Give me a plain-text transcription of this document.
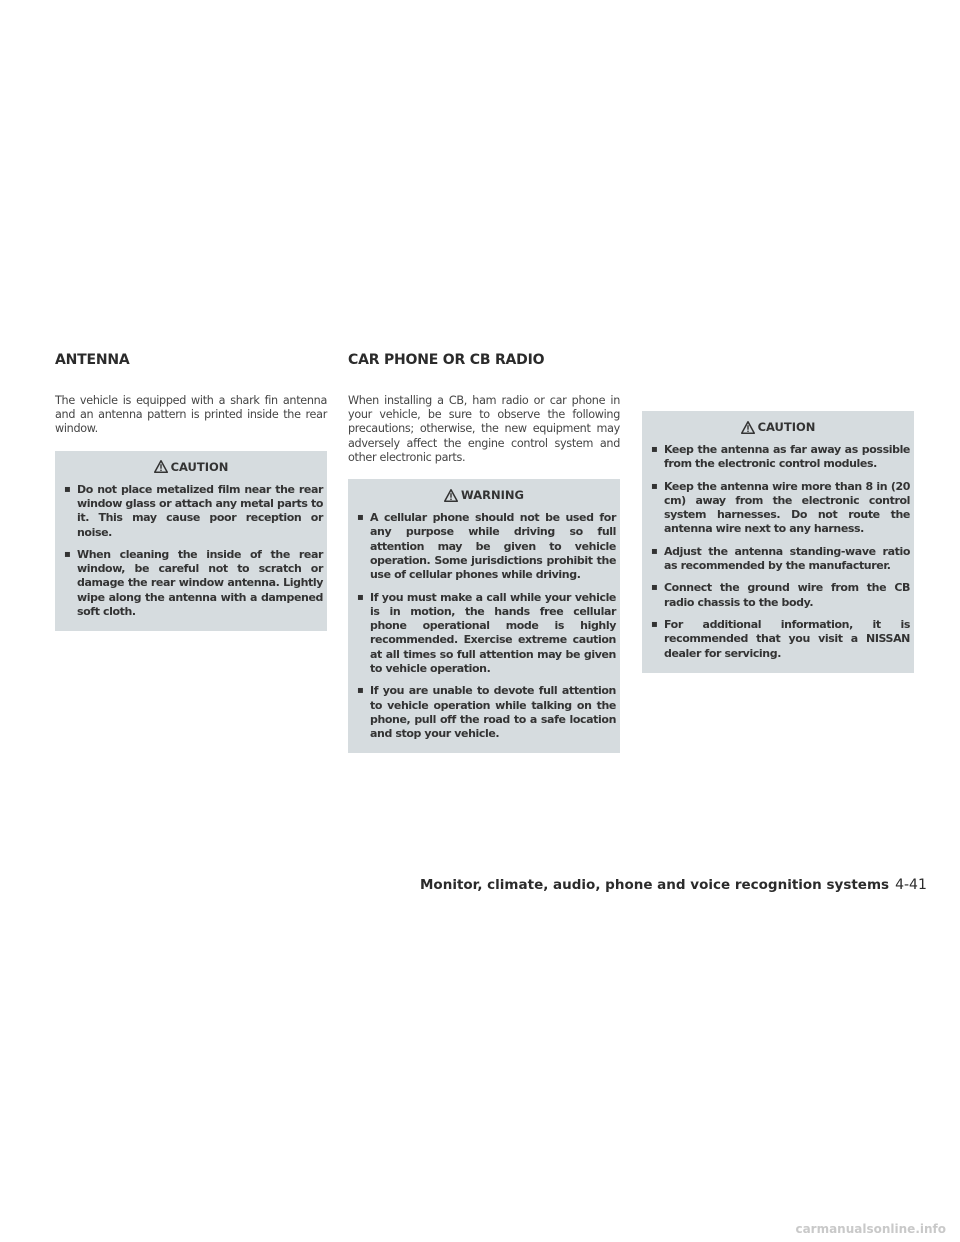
ANTENNA

The vehicle is equipped with a shark fin antenna and an antenna pattern is printed inside the rear window.

CAUTION
▪ Do not place metalized film near the rear window glass or attach any metal parts to it. This may cause poor reception or noise.
▪ When cleaning the inside of the rear window, be careful not to scratch or damage the rear window antenna. Lightly wipe along the antenna with a dampened soft cloth.
CAR PHONE OR CB RADIO

When installing a CB, ham radio or car phone in your vehicle, be sure to observe the following precautions; otherwise, the new equipment may adversely affect the engine control system and other electronic parts.

WARNING
▪ A cellular phone should not be used for any purpose while driving so full attention may be given to vehicle operation. Some jurisdictions prohibit the use of cellular phones while driving.
▪ If you must make a call while your vehicle is in motion, the hands free cellular phone operational mode is highly recommended. Exercise extreme caution at all times so full attention may be given to vehicle operation.
▪ If you are unable to devote full attention to vehicle operation while talking on the phone, pull off the road to a safe location and stop your vehicle.
CAUTION
▪ Keep the antenna as far away as possible from the electronic control modules.
▪ Keep the antenna wire more than 8 in (20 cm) away from the electronic control system harnesses. Do not route the antenna wire next to any harness.
▪ Adjust the antenna standing-wave ratio as recommended by the manufacturer.
▪ Connect the ground wire from the CB radio chassis to the body.
▪ For additional information, it is recommended that you visit a NISSAN dealer for servicing.
Monitor, climate, audio, phone and voice recognition systems 4-41
carmanualsonline.info
